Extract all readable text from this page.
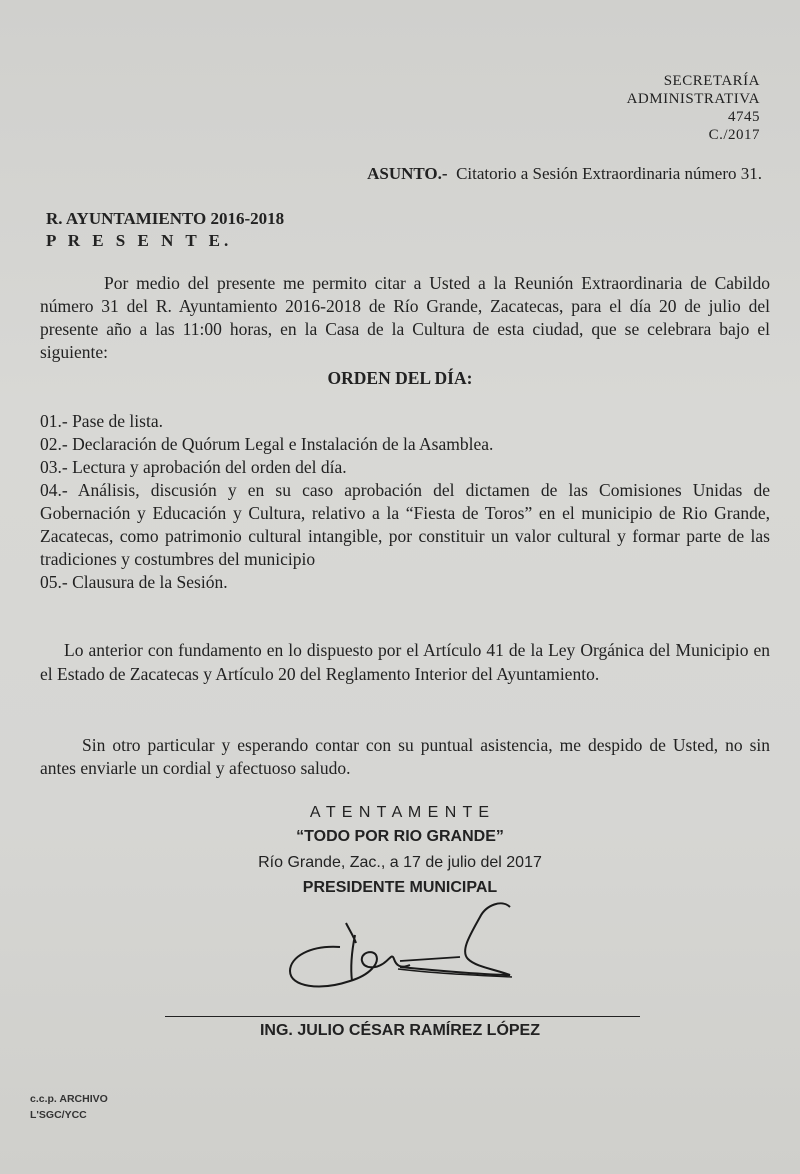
SECRETARÍA
ADMINISTRATIVA
4745
C./2017
ASUNTO.- Citatorio a Sesión Extraordinaria número 31.
R. AYUNTAMIENTO 2016-2018
P R E S E N T E.
Por medio del presente me permito citar a Usted a la Reunión Extraordinaria de Cabildo número 31 del R. Ayuntamiento 2016-2018 de Río Grande, Zacatecas, para el día 20 de julio del presente año a las 11:00 horas, en la Casa de la Cultura de esta ciudad, que se celebrara bajo el siguiente:
ORDEN DEL DÍA:
01.- Pase de lista.
02.- Declaración de Quórum Legal e Instalación de la Asamblea.
03.- Lectura y aprobación del orden del día.
04.- Análisis, discusión y en su caso aprobación del dictamen de las Comisiones Unidas de Gobernación y Educación y Cultura, relativo a la “Fiesta de Toros” en el municipio de Rio Grande, Zacatecas, como patrimonio cultural intangible, por constituir un valor cultural y formar parte de las tradiciones y costumbres del municipio
05.- Clausura de la Sesión.
Lo anterior con fundamento en lo dispuesto por el Artículo 41 de la Ley Orgánica del Municipio en el Estado de Zacatecas y Artículo 20 del Reglamento Interior del Ayuntamiento.
Sin otro particular y esperando contar con su puntual asistencia, me despido de Usted, no sin antes enviarle un cordial y afectuoso saludo.
A T E N T A M E N T E
“TODO POR RIO GRANDE”
Río Grande, Zac., a 17 de julio del 2017
PRESIDENTE MUNICIPAL
ING. JULIO CÉSAR RAMÍREZ LÓPEZ
c.c.p. ARCHIVO
L'SGC/YCC
